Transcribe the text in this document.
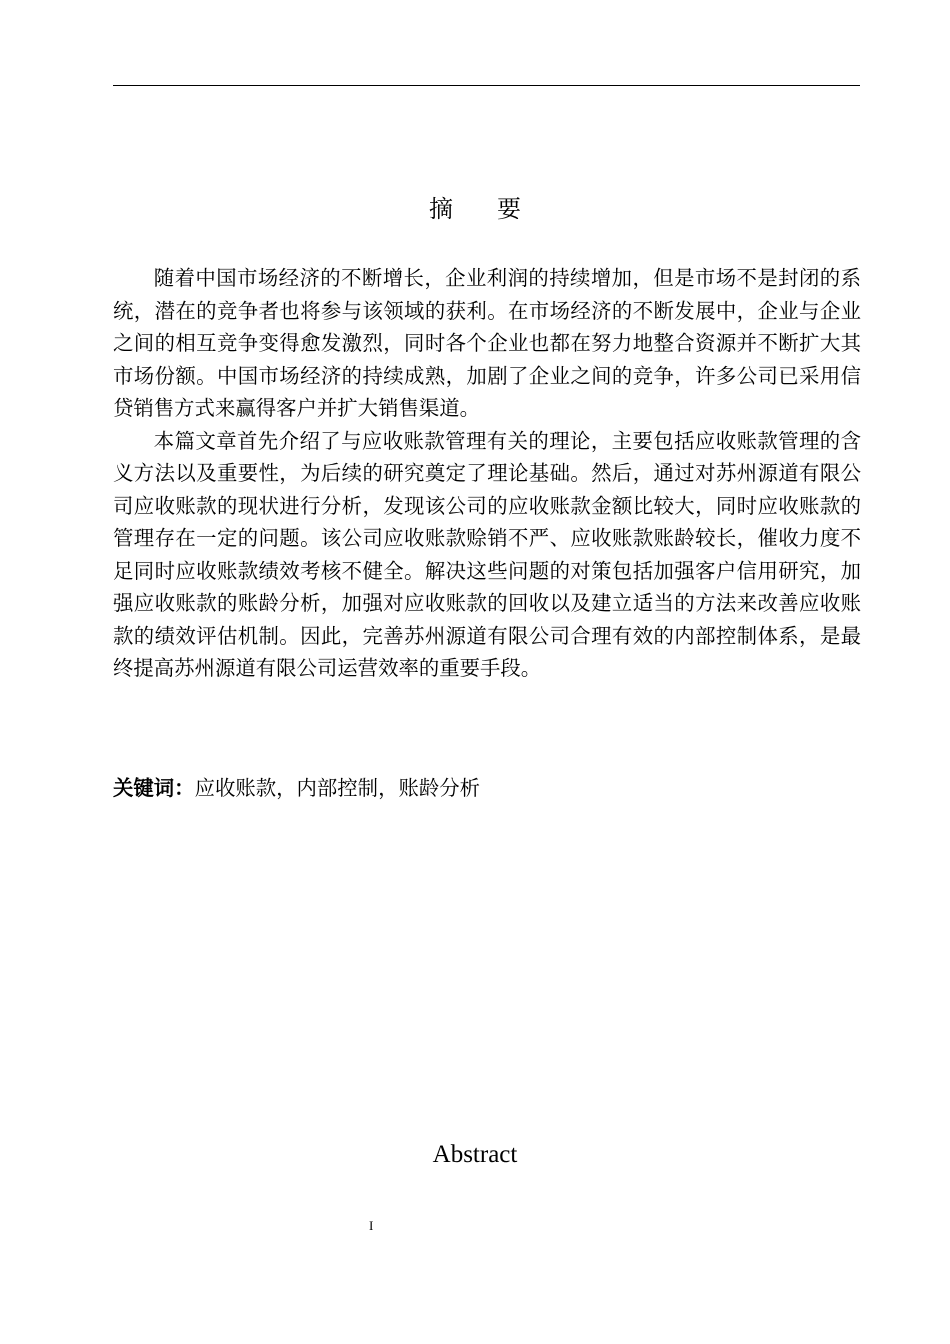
摘要

随着中国市场经济的不断增长，企业利润的持续增加，但是市场不是封闭的系统，潜在的竞争者也将参与该领域的获利。在市场经济的不断发展中，企业与企业之间的相互竞争变得愈发激烈，同时各个企业也都在努力地整合资源并不断扩大其市场份额。中国市场经济的持续成熟，加剧了企业之间的竞争，许多公司已采用信贷销售方式来赢得客户并扩大销售渠道。

本篇文章首先介绍了与应收账款管理有关的理论，主要包括应收账款管理的含义方法以及重要性，为后续的研究奠定了理论基础。然后，通过对苏州源道有限公司应收账款的现状进行分析，发现该公司的应收账款金额比较大，同时应收账款的管理存在一定的问题。该公司应收账款赊销不严、应收账款账龄较长，催收力度不足同时应收账款绩效考核不健全。解决这些问题的对策包括加强客户信用研究，加强应收账款的账龄分析，加强对应收账款的回收以及建立适当的方法来改善应收账款的绩效评估机制。因此，完善苏州源道有限公司合理有效的内部控制体系，是最终提高苏州源道有限公司运营效率的重要手段。

关键词：应收账款，内部控制，账龄分析
Abstract
I
